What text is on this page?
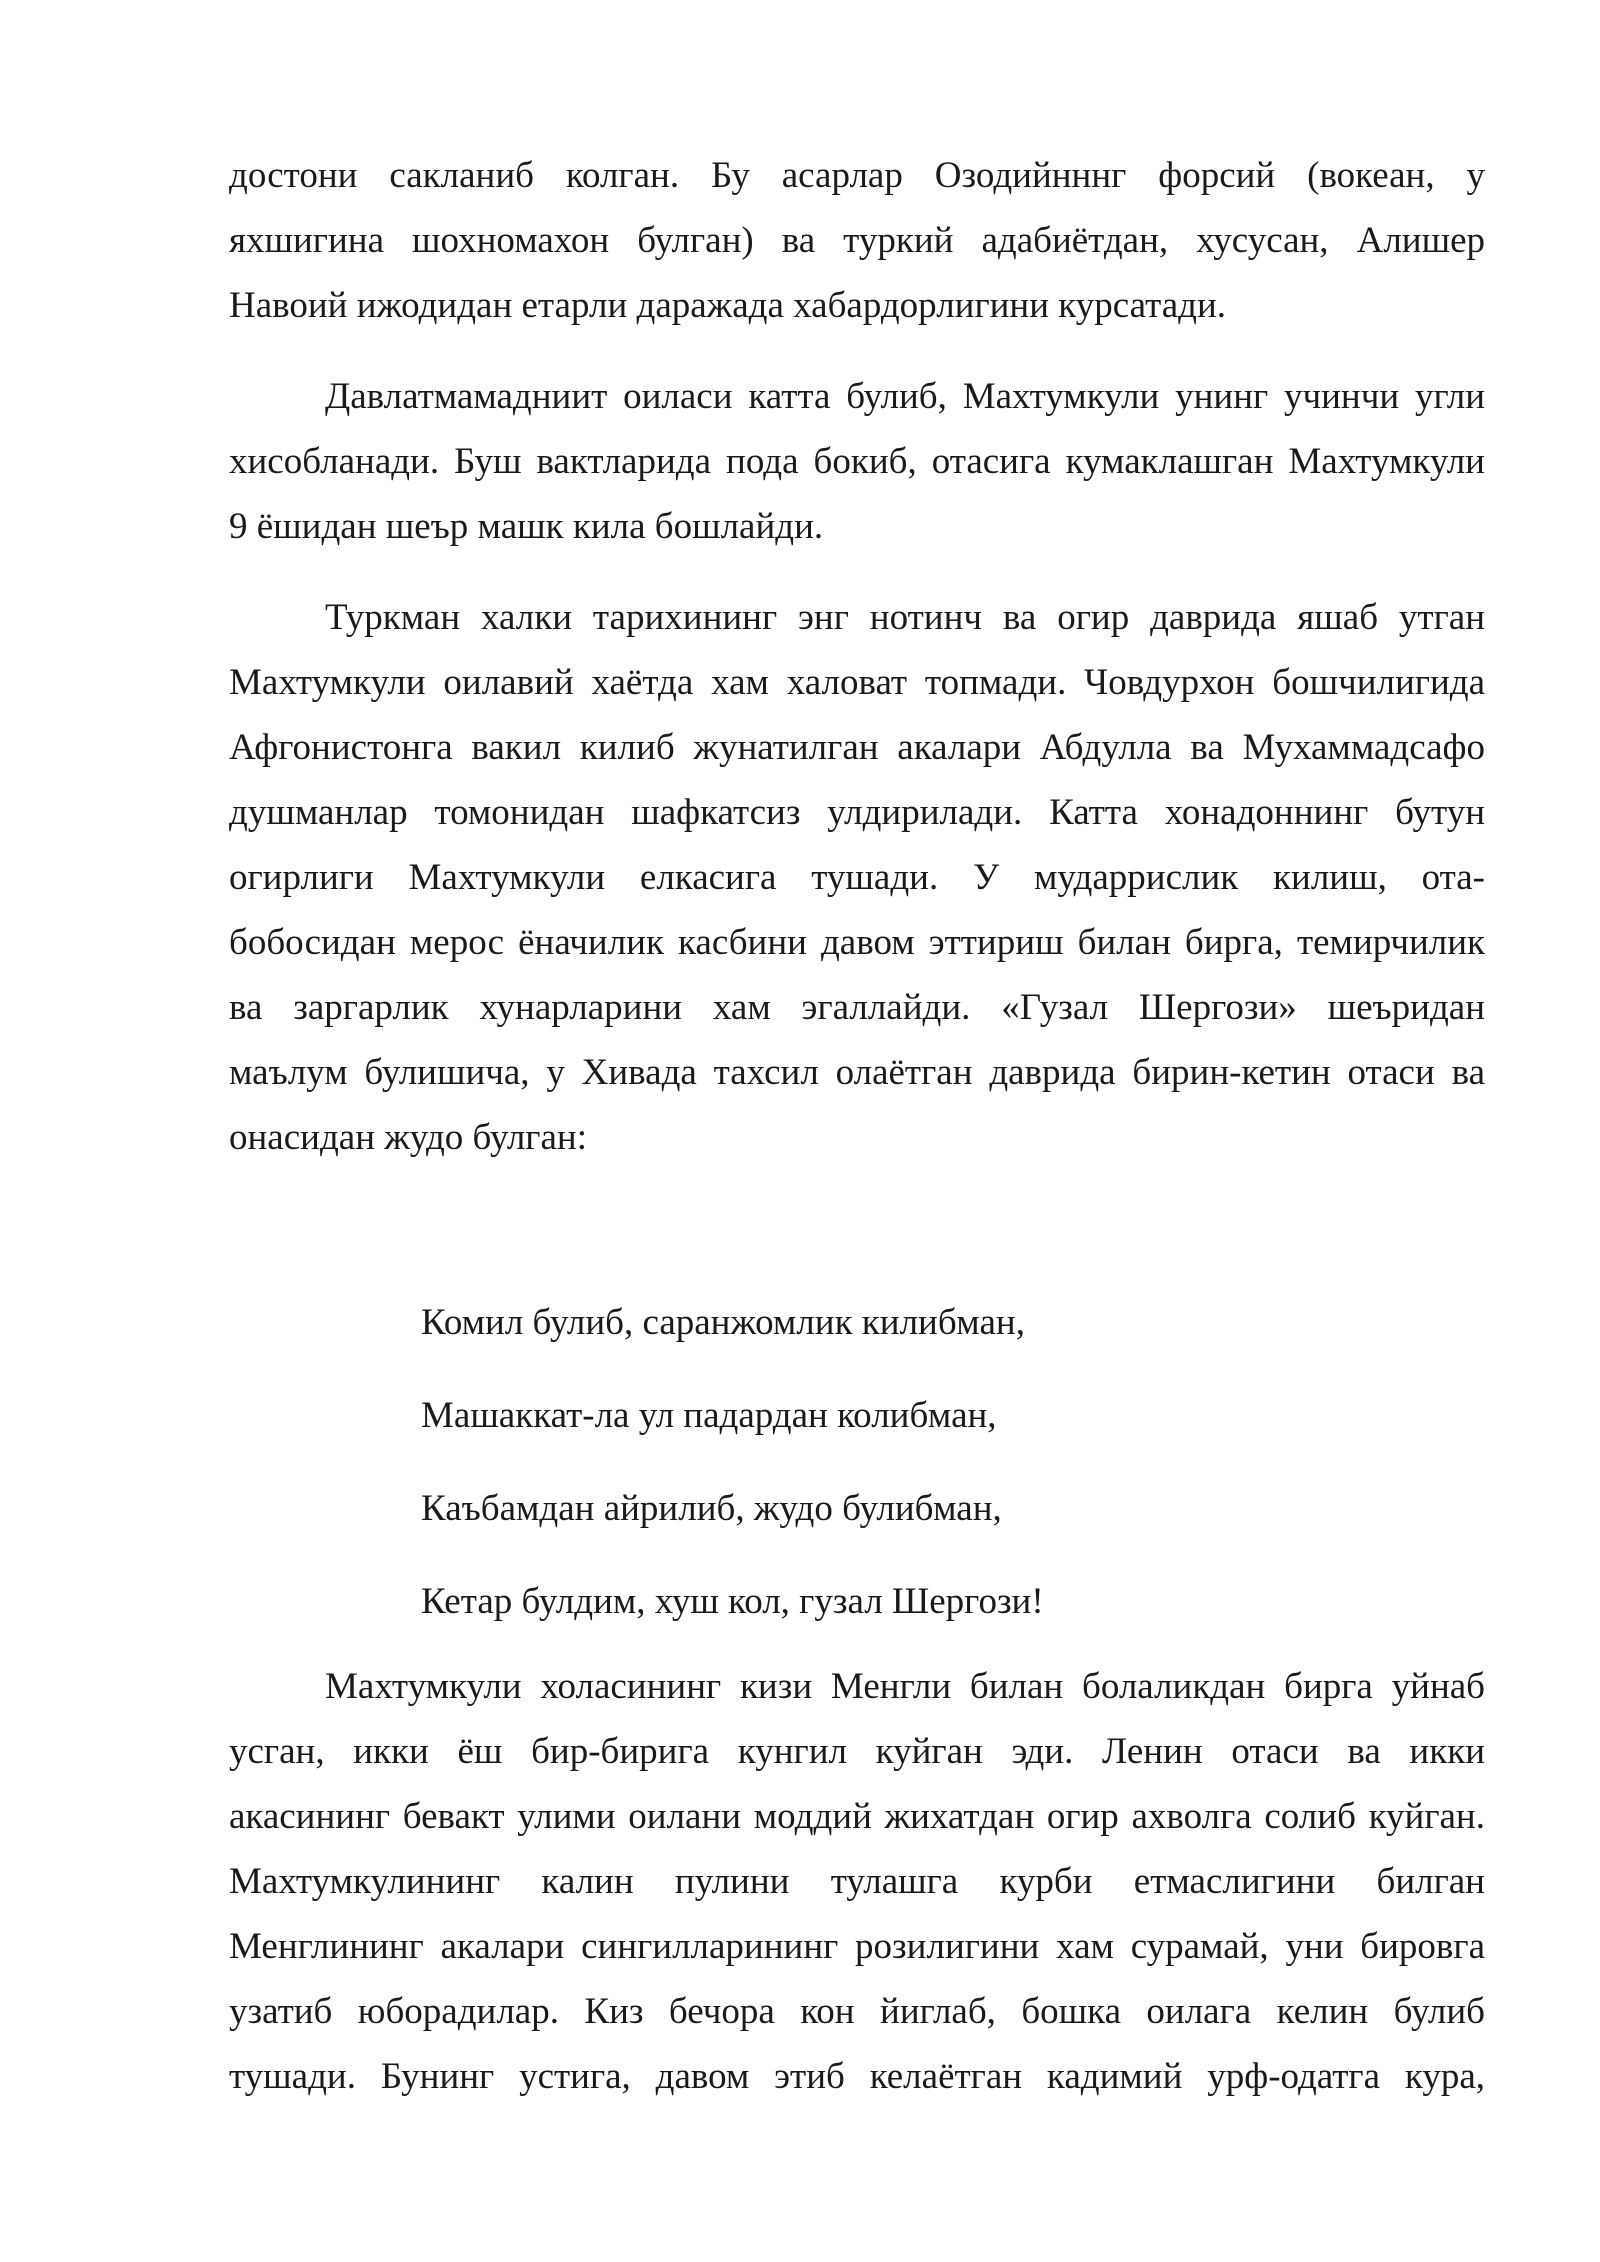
достони сакланиб колган. Бу асарлар Озодийнннг форсий (вокеан, у
яхшигина шохномахон булган) ва туркий адабиётдан, хусусан, Алишер
Навоий ижодидан етарли даражада хабардорлигини курсатади.
Давлатмамадниит оиласи катта булиб, Махтумкули унинг учинчи угли
хисобланади. Буш вактларида пода бокиб, отасига кумаклашган Махтумкули
9 ёшидан шеър машк кила бошлайди.
Туркман халки тарихининг энг нотинч ва огир даврида яшаб утган
Махтумкули оилавий хаётда хам халоват топмади. Човдурхон бошчилигида
Афгонистонга вакил килиб жунатилган акалари Абдулла ва Мухаммадсафо
душманлар томонидан шафкатсиз улдирилади. Катта хонадоннинг бутун
огирлиги Махтумкули елкасига тушади. У мударрислик килиш, ота-
бобосидан мерос ёначилик касбини давом эттириш билан бирга, темирчилик
ва заргарлик хунарларини хам эгаллайди. «Гузал Шергози» шеъридан
маълум булишича, у Хивада тахсил олаётган даврида бирин-кетин отаси ва
онасидан жудо булган:
Комил булиб, саранжомлик килибман,
Машаккат-ла ул падардан колибман,
Каъбамдан айрилиб, жудо булибман,
Кетар булдим, хуш кол, гузал Шергози!
Махтумкули холасининг кизи Менгли билан болаликдан бирга уйнаб
усган, икки ёш бир-бирига кунгил куйган эди. Ленин отаси ва икки
акасининг бевакт улими оилани моддий жихатдан огир ахволга солиб куйган.
Махтумкулининг калин пулини тулашга курби етмаслигини билган
Менглининг акалари сингилларининг розилигини хам сурамай, уни бировга
узатиб юборадилар. Киз бечора кон йиглаб, бошка оилага келин булиб
тушади. Бунинг устига, давом этиб келаётган кадимий урф-одатга кура,
